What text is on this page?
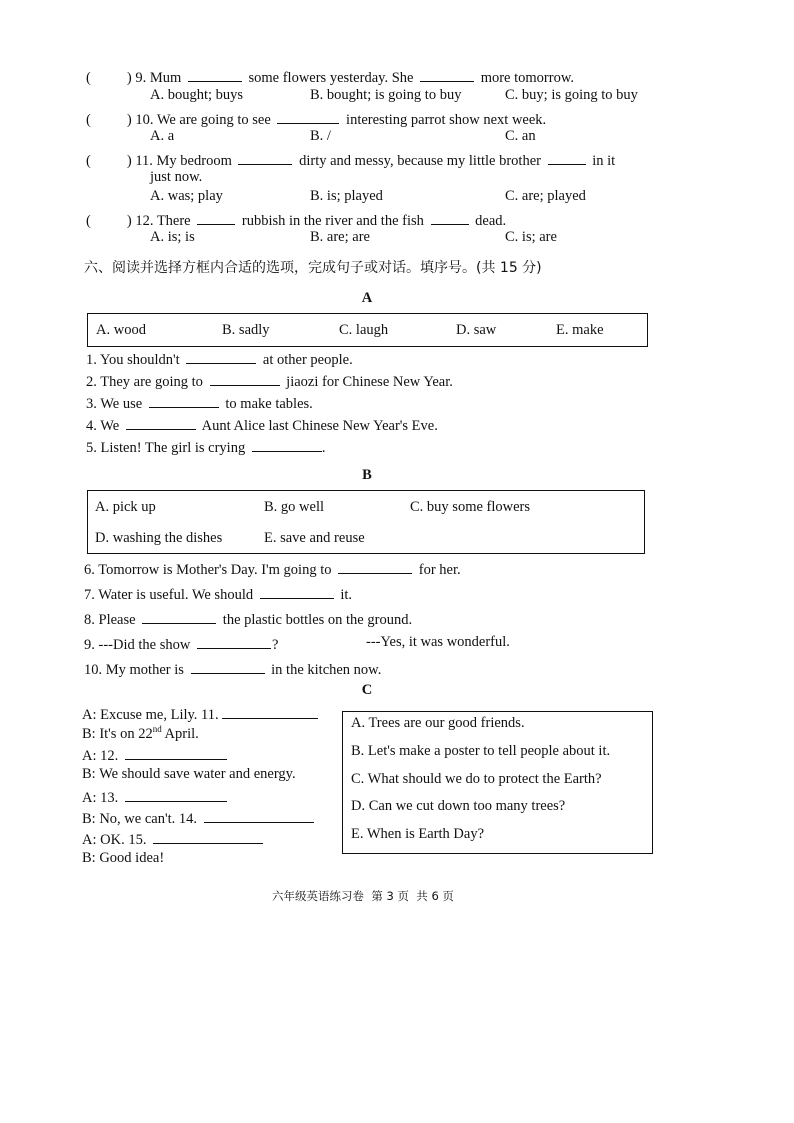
( ) 9. Mum	some flowers yesterday. She	more tomorrow.
A. bought; buys	B. bought; is going to buy	C. buy; is going to buy
( ) 10. We are going to see	interesting parrot show next week.
A. a	B. /	C. an
( ) 11. My bedroom	dirty and messy, because my little brother	in it
just now.
A. was; play	B. is; played	C. are; played
( ) 12. There	rubbish in the river and the fish	dead.
A. is; is	B. are; are	C. is; are
六、阅读并选择方框内合适的选项，完成句子或对话。填序号。(共 15 分)
A
A. wood	B. sadly	C. laugh	D. saw	E. make
1. You shouldn't	at other people.
2. They are going to	jiaozi for Chinese New Year.
3. We use	to make tables.
4. We	Aunt Alice last Chinese New Year's Eve.
5. Listen! The girl is crying	.
B
A. pick up	B. go well	C. buy some flowers
D. washing the dishes	E. save and reuse
6. Tomorrow is Mother's Day. I'm going to	for her.
7. Water is useful. We should	it.
8. Please	the plastic bottles on the ground.
9. ---Did the show	?	---Yes, it was wonderful.
10. My mother is	in the kitchen now.
C
A: Excuse me, Lily. 11.
B: It's on 22nd April.
A: 12.
B: We should save water and energy.
A: 13.
B: No, we can't. 14.
A: OK. 15.
B: Good idea!
A. Trees are our good friends.
B. Let's make a poster to tell people about it.
C. What should we do to protect the Earth?
D. Can we cut down too many trees?
E. When is Earth Day?
六年级英语练习卷  第 3 页  共 6 页
